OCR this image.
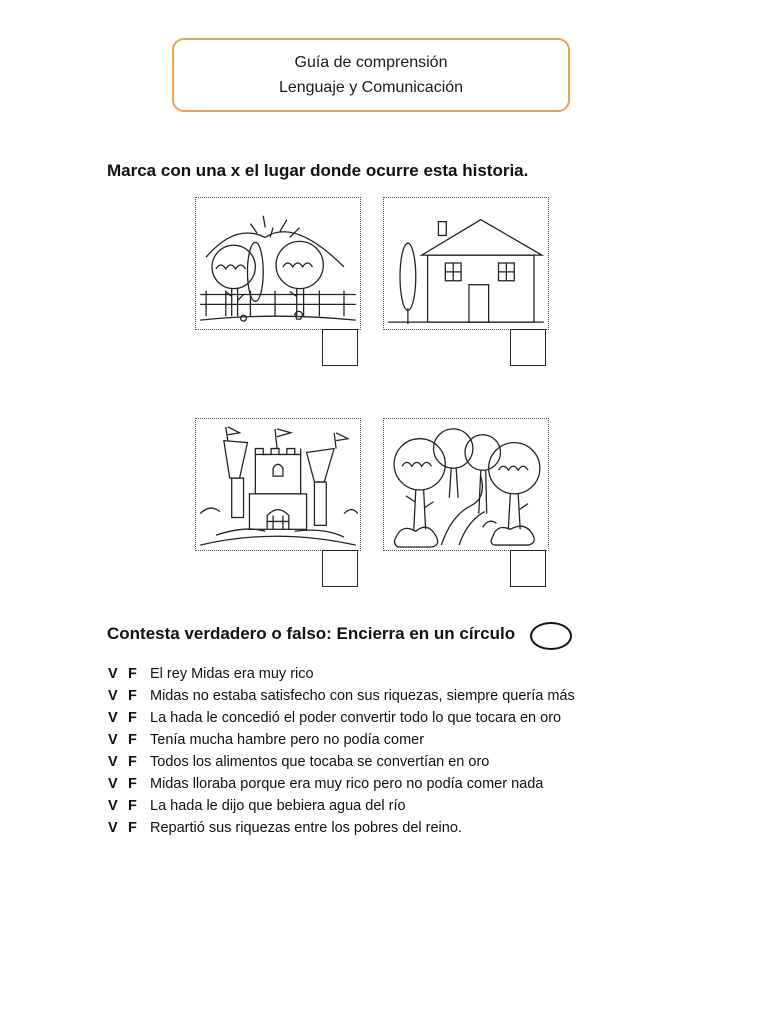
Guía de comprensión
Lenguaje y Comunicación
Marca con una x el lugar donde ocurre esta historia.
Contesta verdadero o falso: Encierra en un círculo
V F El rey Midas era muy rico
V F Midas no estaba satisfecho con sus riquezas, siempre quería más
V F La hada le concedió el poder convertir todo lo que tocara en oro
V F Tenía mucha hambre pero no podía comer
V F Todos los alimentos que tocaba se convertían en oro
V F Midas lloraba porque era muy rico pero no podía comer nada
V F La hada le dijo que bebiera agua del río
V F Repartió sus riquezas entre los pobres del reino.
